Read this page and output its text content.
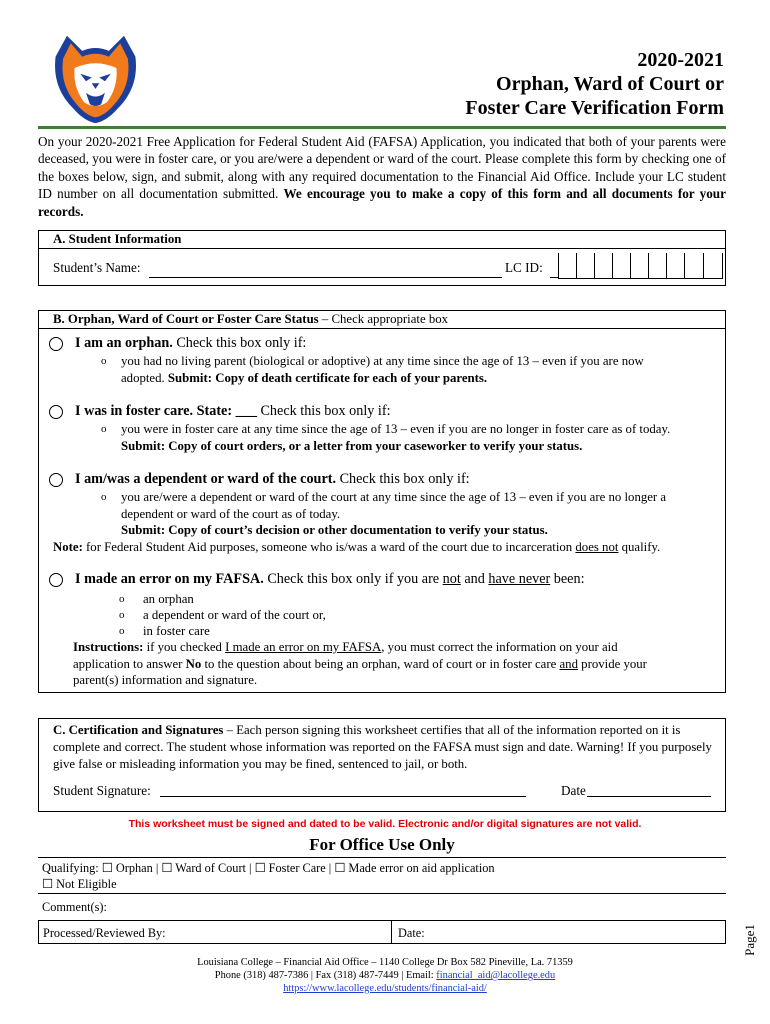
2020-2021
Orphan, Ward of Court or
Foster Care Verification Form
On your 2020-2021 Free Application for Federal Student Aid (FAFSA) Application, you indicated that both of your parents were deceased, you were in foster care, or you are/were a dependent or ward of the court. Please complete this form by checking one of the boxes below, sign, and submit, along with any required documentation to the Financial Aid Office. Include your LC student ID number on all documentation submitted. We encourage you to make a copy of this form and all documents for your records.
A. Student Information
Student’s Name:	LC ID:
B. Orphan, Ward of Court or Foster Care Status – Check appropriate box
I am an orphan. Check this box only if:
o you had no living parent (biological or adoptive) at any time since the age of 13 – even if you are now
adopted. Submit: Copy of death certificate for each of your parents.
I was in foster care. State: ___ Check this box only if:
o you were in foster care at any time since the age of 13 – even if you are no longer in foster care as of today.
Submit: Copy of court orders, or a letter from your caseworker to verify your status.
I am/was a dependent or ward of the court. Check this box only if:
o you are/were a dependent or ward of the court at any time since the age of 13 – even if you are no longer a
dependent or ward of the court as of today.
Submit: Copy of court’s decision or other documentation to verify your status.
Note: for Federal Student Aid purposes, someone who is/was a ward of the court due to incarceration does not qualify.
I made an error on my FAFSA. Check this box only if you are not and have never been:
o an orphan
o a dependent or ward of the court or,
o in foster care
Instructions: if you checked I made an error on my FAFSA, you must correct the information on your aid
application to answer No to the question about being an orphan, ward of court or in foster care and provide your
parent(s) information and signature.
C. Certification and Signatures – Each person signing this worksheet certifies that all of the information reported on it is complete and correct. The student whose information was reported on the FAFSA must sign and date. Warning! If you purposely give false or misleading information you may be fined, sentenced to jail, or both.
Student Signature:	Date
This worksheet must be signed and dated to be valid. Electronic and/or digital signatures are not valid.
For Office Use Only
Qualifying: ☐ Orphan | ☐ Ward of Court | ☐ Foster Care | ☐ Made error on aid application
☐ Not Eligible
Comment(s):
Processed/Reviewed By:	Date:	Page1
Louisiana College – Financial Aid Office – 1140 College Dr Box 582 Pineville, La. 71359
Phone (318) 487-7386 | Fax (318) 487-7449 | Email: financial_aid@lacollege.edu
https://www.lacollege.edu/students/financial-aid/
